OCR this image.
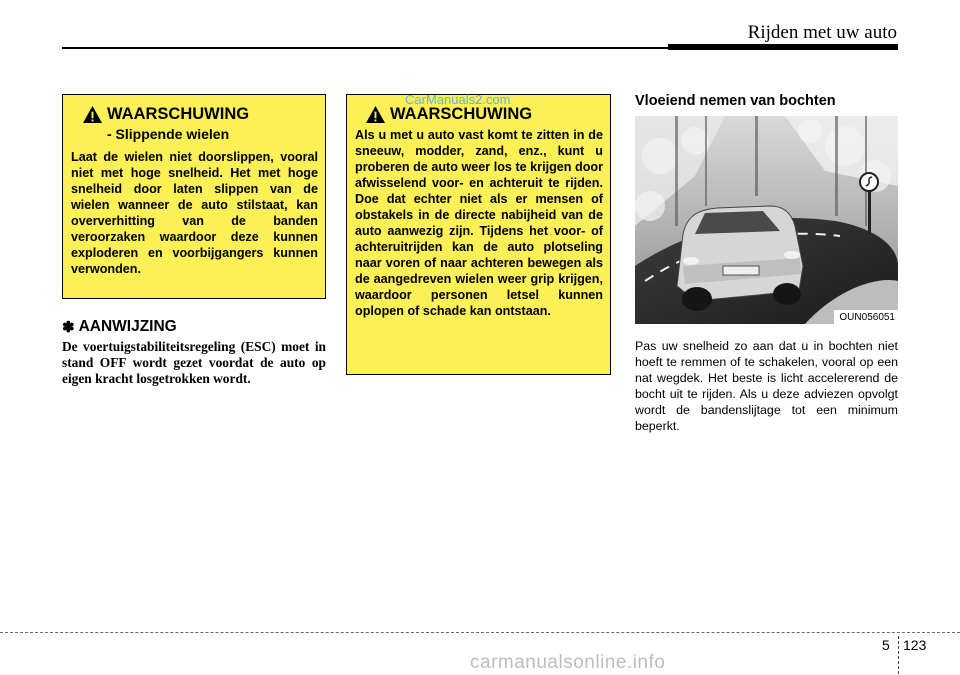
Rijden met uw auto
WAARSCHUWING
- Slippende wielen
Laat de wielen niet doorslippen, vooral niet met hoge snelheid. Het met hoge snelheid door laten slippen van de wielen wanneer de auto stilstaat, kan oververhitting van de banden veroorzaken waardoor deze kunnen exploderen en voorbijgangers kunnen verwonden.
✽ AANWIJZING
De voertuigstabiliteitsregeling (ESC) moet in stand OFF wordt gezet voordat de auto op eigen kracht losgetrokken wordt.
WAARSCHUWING
Als u met u auto vast komt te zitten in de sneeuw, modder, zand, enz., kunt u proberen de auto weer los te krijgen door afwisselend voor- en achteruit te rijden. Doe dat echter niet als er mensen of obstakels in de directe nabijheid van de auto aanwezig zijn. Tijdens het voor- of achteruitrijden kan de auto plotseling naar voren of naar achteren bewegen als de aangedreven wielen weer grip krijgen, waardoor personen letsel kunnen oplopen of schade kan ontstaan.
CarManuals2.com	Vloeiend nemen van bochten
OUN056051
Pas uw snelheid zo aan dat u in bochten niet hoeft te remmen of te schakelen, vooral op een nat wegdek. Het beste is licht accelererend de bocht uit te rijden. Als u deze adviezen opvolgt wordt de bandenslijtage tot een minimum beperkt.
5 123
carmanualsonline.info
